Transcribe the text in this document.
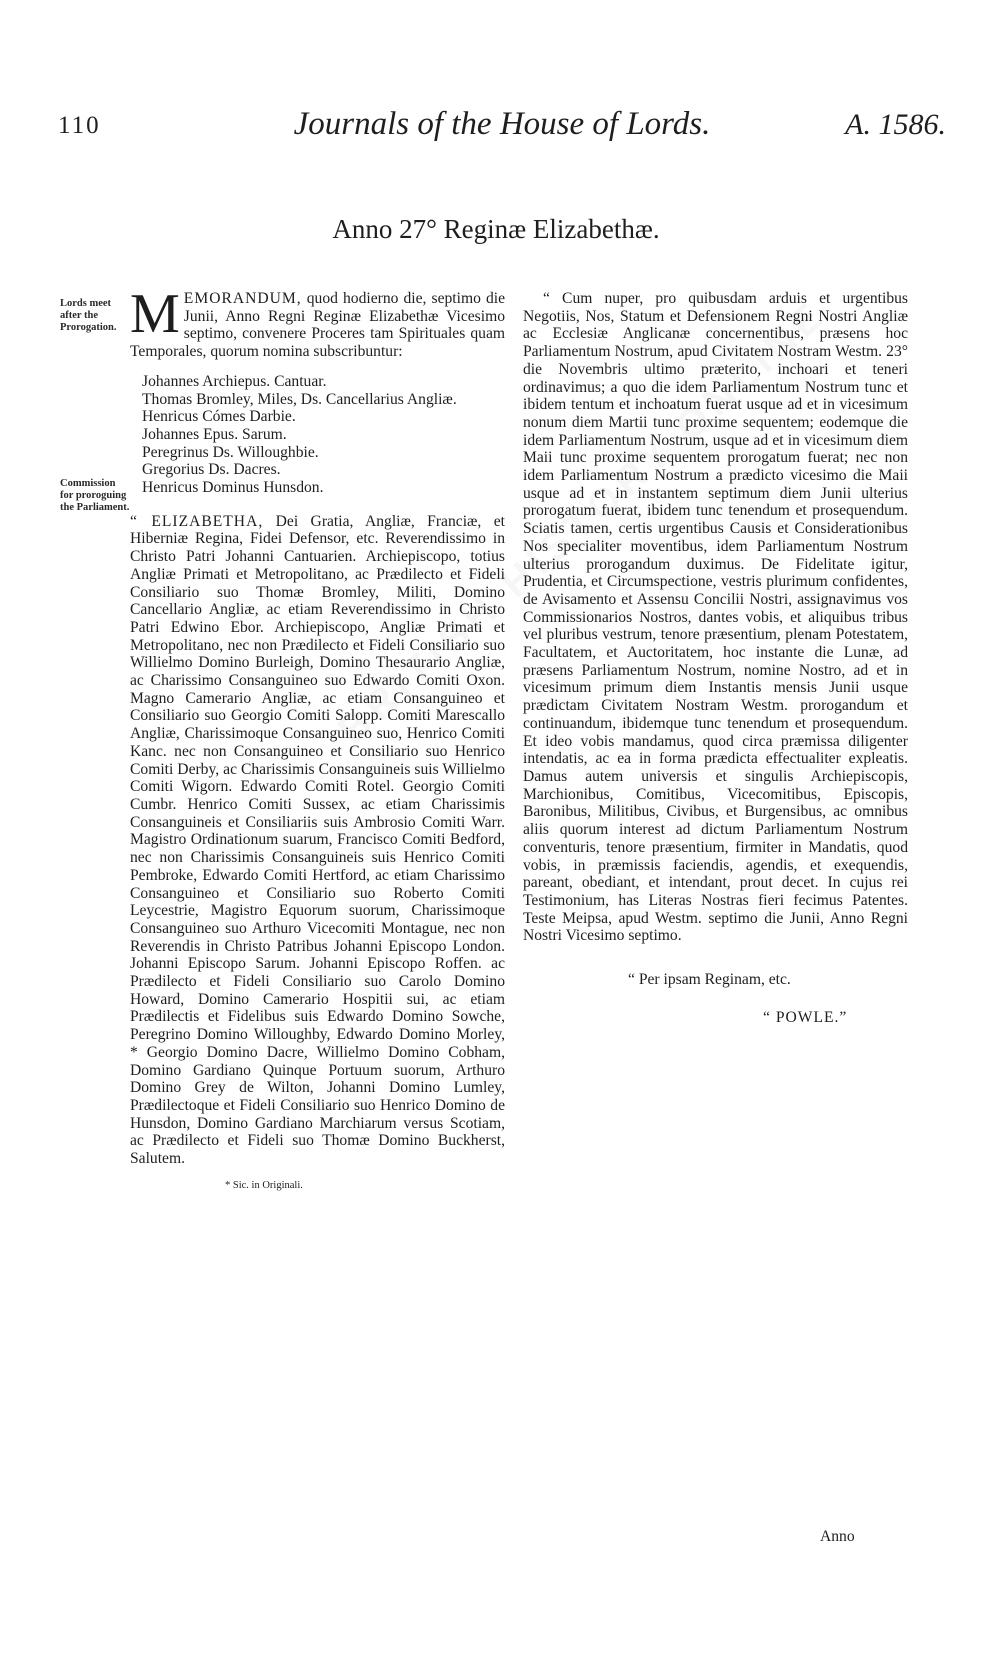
110	Journals of the House of Lords.	A. 1586.
Anno 27° Reginæ Elizabethæ.
Lords meet after the Prorogation.
Commission for proroguing the Parliament.

MEMORANDUM, quod hodierno die, septimo die Junii, Anno Regni Reginæ Elizabethæ Vicesimo septimo, convenere Proceres tam Spirituales quam Temporales, quorum nomina subscribuntur:

Johannes Archiepus. Cantuar.
Thomas Bromley, Miles, Ds. Cancellarius Angliæ.
Henricus Cómes Darbie.
Johannes Epus. Sarum.
Peregrinus Ds. Willoughbie.
Gregorius Ds. Dacres.
Henricus Dominus Hunsdon.

“ ELIZABETHA, Dei Gratia, Angliæ, Franciæ, et Hiberniæ Regina, Fidei Defensor, etc. Reverendissimo in Christo Patri Johanni Cantuarien. Archiepiscopo, totius Angliæ Primati et Metropolitano, ac Prædilecto et Fideli Consiliario suo Thomæ Bromley, Militi, Domino Cancellario Angliæ, ac etiam Reverendissimo in Christo Patri Edwino Ebor. Archiepiscopo, Angliæ Primati et Metropolitano, nec non Prædilecto et Fideli Consiliario suo Willielmo Domino Burleigh, Domino Thesaurario Angliæ, ac Charissimo Consanguineo suo Edwardo Comiti Oxon. Magno Camerario Angliæ, ac etiam Consanguineo et Consiliario suo Georgio Comiti Salopp. Comiti Marescallo Angliæ, Charissimoque Consanguineo suo, Henrico Comiti Kanc. nec non Consanguineo et Consiliario suo Henrico Comiti Derby, ac Charissimis Consanguineis suis Willielmo Comiti Wigorn. Edwardo Comiti Rotel. Georgio Comiti Cumbr. Henrico Comiti Sussex, ac etiam Charissimis Consanguineis et Consiliariis suis Ambrosio Comiti Warr. Magistro Ordinationum suarum, Francisco Comiti Bedford, nec non Charissimis Consanguineis suis Henrico Comiti Pembroke, Edwardo Comiti Hertford, ac etiam Charissimo Consanguineo et Consiliario suo Roberto Comiti Leycestrie, Magistro Equorum suorum, Charissimoque Consanguineo suo Arthuro Vicecomiti Montague, nec non Reverendis in Christo Patribus Johanni Episcopo London. Johanni Episcopo Sarum. Johanni Episcopo Roffen. ac Prædilecto et Fideli Consiliario suo Carolo Domino Howard, Domino Camerario Hospitii sui, ac etiam Prædilectis et Fidelibus suis Edwardo Domino Sowche, Peregrino Domino Willoughby, Edwardo Domino Morley, * Georgio Domino Dacre, Willielmo Domino Cobham, Domino Gardiano Quinque Portuum suorum, Arthuro Domino Grey de Wilton, Johanni Domino Lumley, Prædilectoque et Fideli Consiliario suo Henrico Domino de Hunsdon, Domino Gardiano Marchiarum versus Scotiam, ac Prædilecto et Fideli suo Thomæ Domino Buckherst, Salutem.

* Sic. in Originali.

“ Cum nuper, pro quibusdam arduis et urgentibus Negotiis, Nos, Statum et Defensionem Regni Nostri Angliæ ac Ecclesiæ Anglicanæ concernentibus, præsens hoc Parliamentum Nostrum, apud Civitatem Nostram Westm. 23° die Novembris ultimo præterito, inchoari et teneri ordinavimus; a quo die idem Parliamentum Nostrum tunc et ibidem tentum et inchoatum fuerat usque ad et in vicesimum nonum diem Martii tunc proxime sequentem; eodemque die idem Parliamentum Nostrum, usque ad et in vicesimum diem Maii tunc proxime sequentem prorogatum fuerat; nec non idem Parliamentum Nostrum a prædicto vicesimo die Maii usque ad et in instantem septimum diem Junii ulterius prorogatum fuerat, ibidem tunc tenendum et prosequendum. Sciatis tamen, certis urgentibus Causis et Considerationibus Nos specialiter moventibus, idem Parliamentum Nostrum ulterius prorogandum duximus. De Fidelitate igitur, Prudentia, et Circumspectione, vestris plurimum confidentes, de Avisamento et Assensu Concilii Nostri, assignavimus vos Commissionarios Nostros, dantes vobis, et aliquibus tribus vel pluribus vestrum, tenore præsentium, plenam Potestatem, Facultatem, et Auctoritatem, hoc instante die Lunæ, ad præsens Parliamentum Nostrum, nomine Nostro, ad et in vicesimum primum diem Instantis mensis Junii usque prædictam Civitatem Nostram Westm. prorogandum et continuandum, ibidemque tunc tenendum et prosequendum. Et ideo vobis mandamus, quod circa præmissa diligenter intendatis, ac ea in forma prædicta effectualiter expleatis. Damus autem universis et singulis Archiepiscopis, Marchionibus, Comitibus, Vicecomitibus, Episcopis, Baronibus, Militibus, Civibus, et Burgensibus, ac omnibus aliis quorum interest ad dictum Parliamentum Nostrum conventuris, tenore præsentium, firmiter in Mandatis, quod vobis, in præmissis faciendis, agendis, et exequendis, pareant, obediant, et intendant, prout decet. In cujus rei Testimonium, has Literas Nostras fieri fecimus Patentes. Teste Meipsa, apud Westm. septimo die Junii, Anno Regni Nostri Vicesimo septimo.

“ Per ipsam Reginam, etc.
“ POWLE.”
Anno
